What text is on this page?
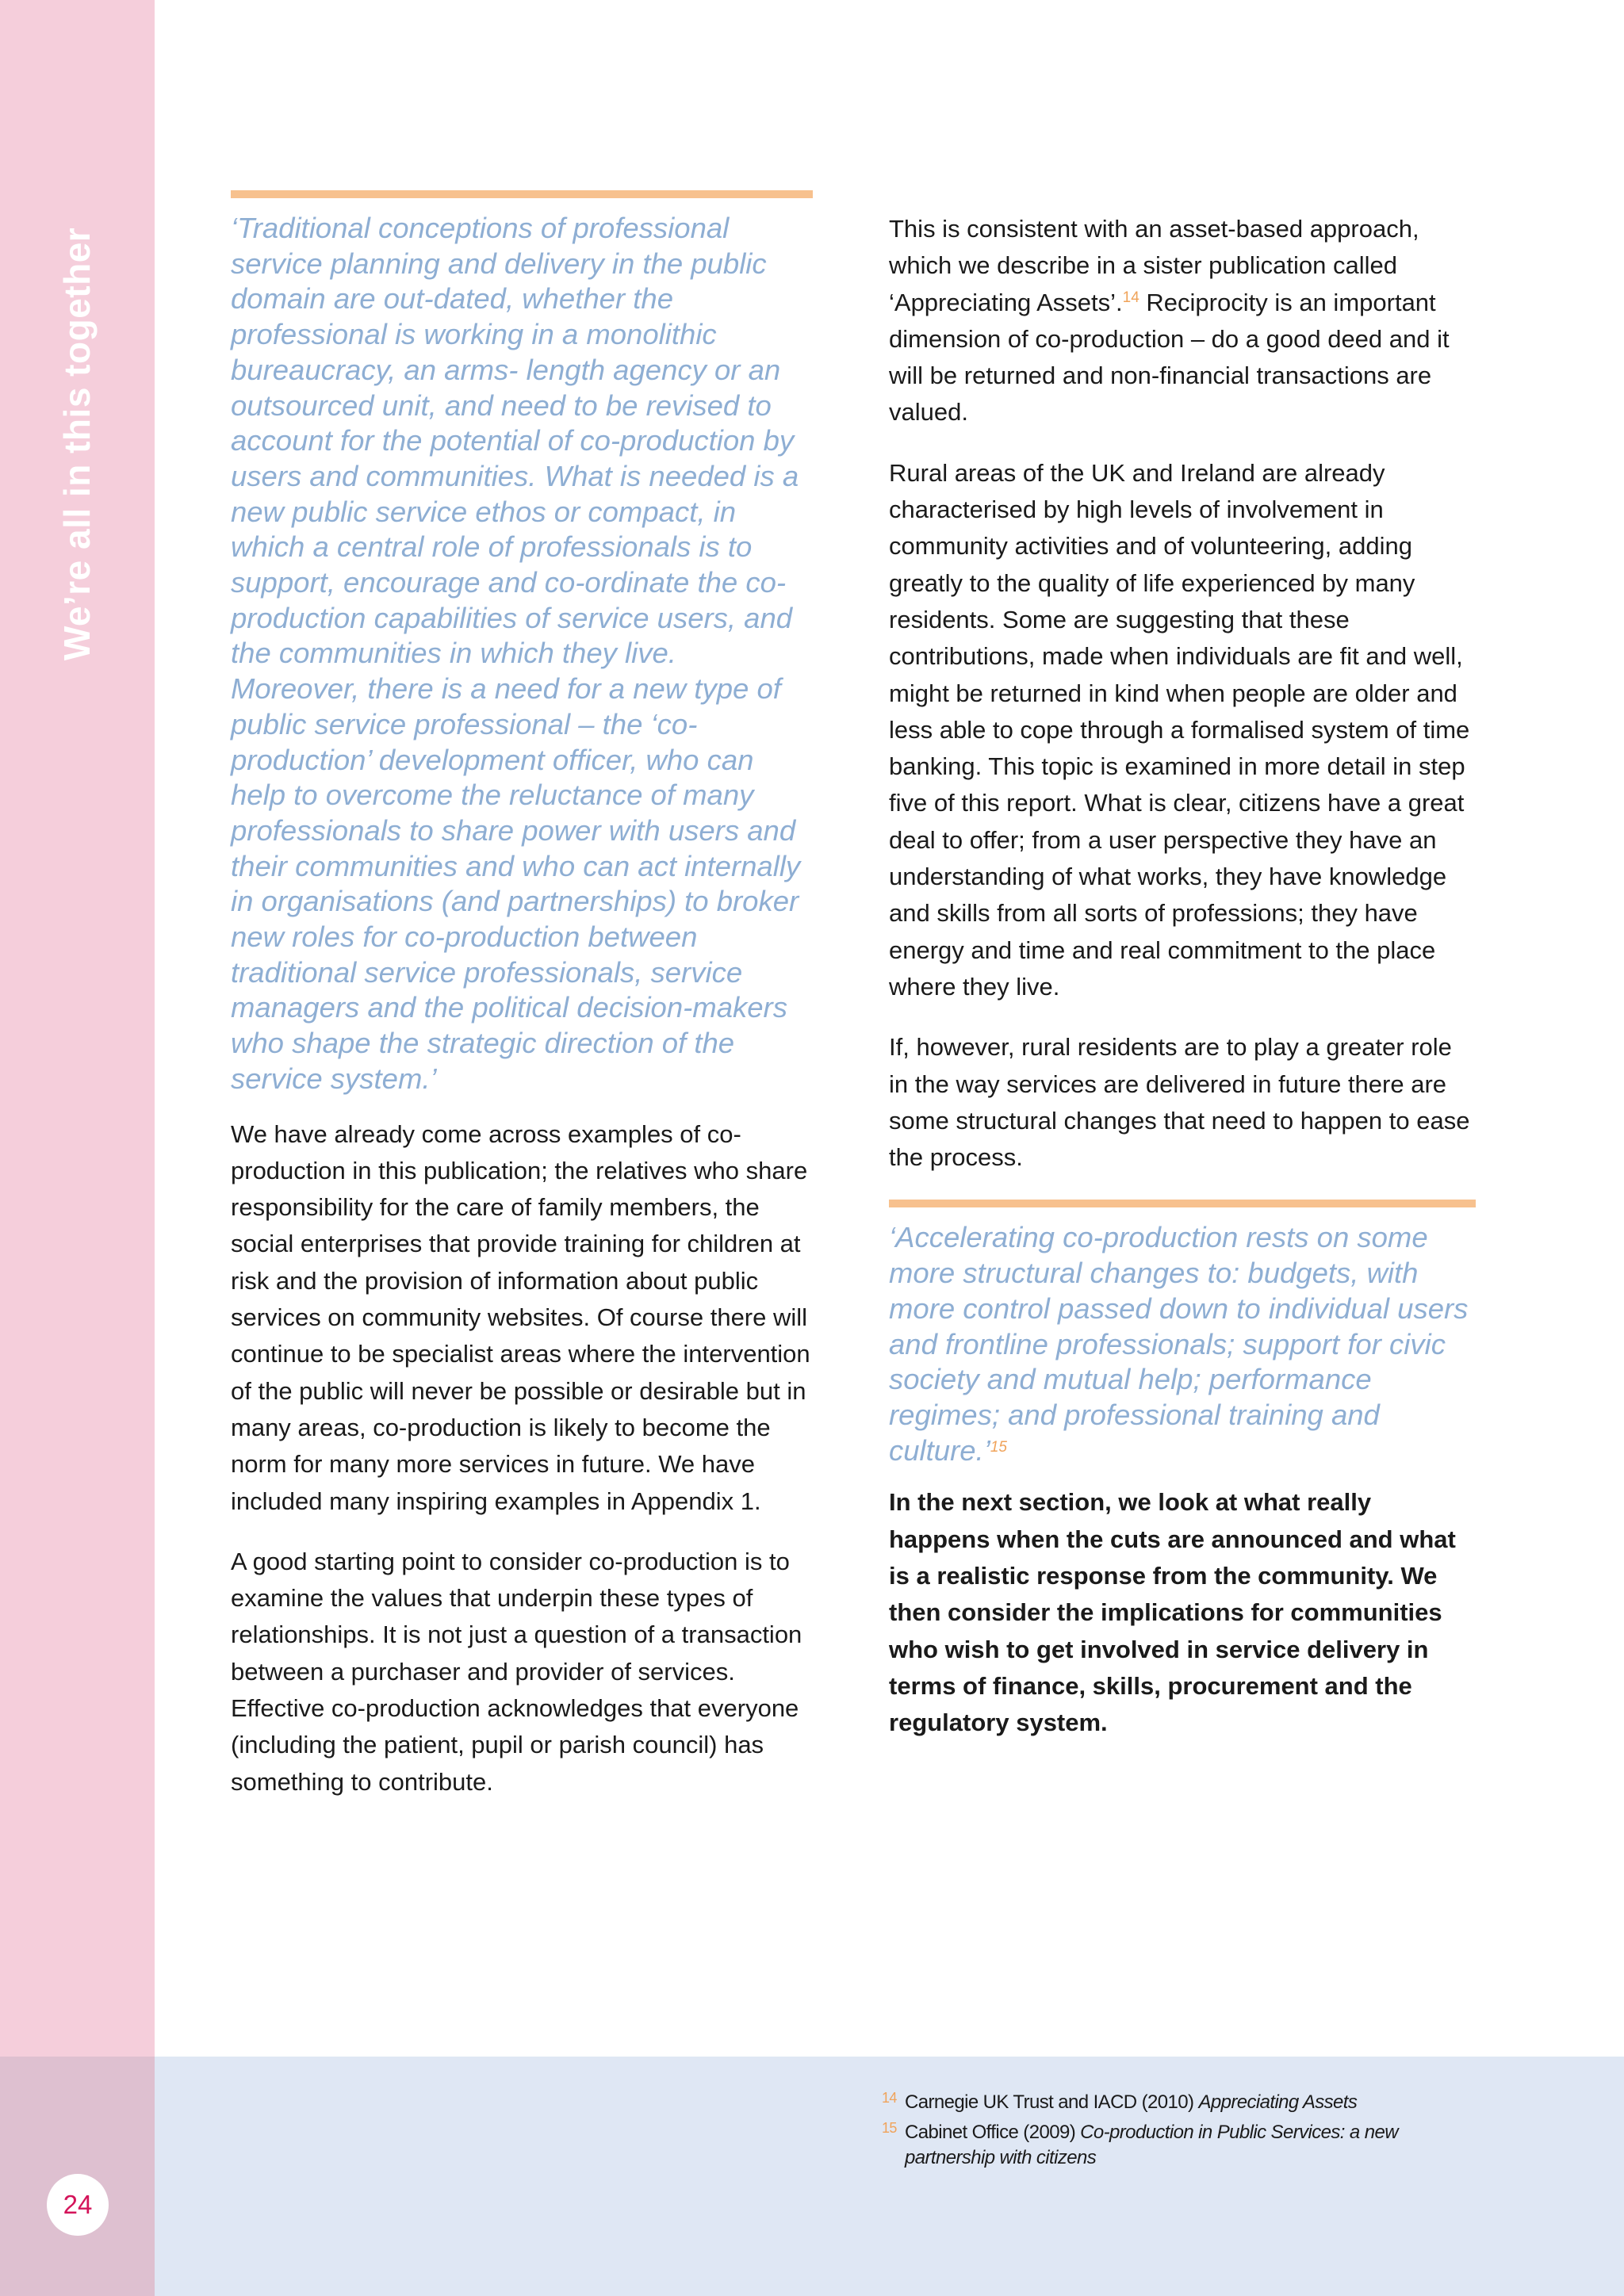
We’re all in this together
24

‘Traditional conceptions of professional service planning and delivery in the public domain are out-dated, whether the professional is working in a monolithic bureaucracy, an arms- length agency or an outsourced unit, and need to be revised to account for the potential of co-production by users and communities. What is needed is a new public service ethos or compact, in which a central role of professionals is to support, encourage and co-ordinate the co-production capabilities of service users, and the communities in which they live. Moreover, there is a need for a new type of public service professional – the ‘co-production’ development officer, who can help to overcome the reluctance of many professionals to share power with users and their communities and who can act internally in organisations (and partnerships) to broker new roles for co-production between traditional service professionals, service managers and the political decision-makers who shape the strategic direction of the service system.’

We have already come across examples of co-production in this publication; the relatives who share responsibility for the care of family members, the social enterprises that provide training for children at risk and the provision of information about public services on community websites. Of course there will continue to be specialist areas where the intervention of the public will never be possible or desirable but in many areas, co-production is likely to become the norm for many more services in future. We have included many inspiring examples in Appendix 1.

A good starting point to consider co-production is to examine the values that underpin these types of relationships. It is not just a question of a transaction between a purchaser and provider of services. Effective co-production acknowledges that everyone (including the patient, pupil or parish council) has something to contribute.

This is consistent with an asset-based approach, which we describe in a sister publication called ‘Appreciating Assets’.$^{14}$ Reciprocity is an important dimension of co-production – do a good deed and it will be returned and non-financial transactions are valued.

Rural areas of the UK and Ireland are already characterised by high levels of involvement in community activities and of volunteering, adding greatly to the quality of life experienced by many residents. Some are suggesting that these contributions, made when individuals are fit and well, might be returned in kind when people are older and less able to cope through a formalised system of time banking. This topic is examined in more detail in step five of this report. What is clear, citizens have a great deal to offer; from a user perspective they have an understanding of what works, they have knowledge and skills from all sorts of professions; they have energy and time and real commitment to the place where they live.

If, however, rural residents are to play a greater role in the way services are delivered in future there are some structural changes that need to happen to ease the process.

‘Accelerating co-production rests on some more structural changes to: budgets, with more control passed down to individual users and frontline professionals; support for civic society and mutual help; performance regimes; and professional training and culture.’$^{15}$

In the next section, we look at what really happens when the cuts are announced and what is a realistic response from the community. We then consider the implications for communities who wish to get involved in service delivery in terms of finance, skills, procurement and the regulatory system.

14 Carnegie UK Trust and IACD (2010) Appreciating Assets
15 Cabinet Office (2009) Co-production in Public Services: a new partnership with citizens
